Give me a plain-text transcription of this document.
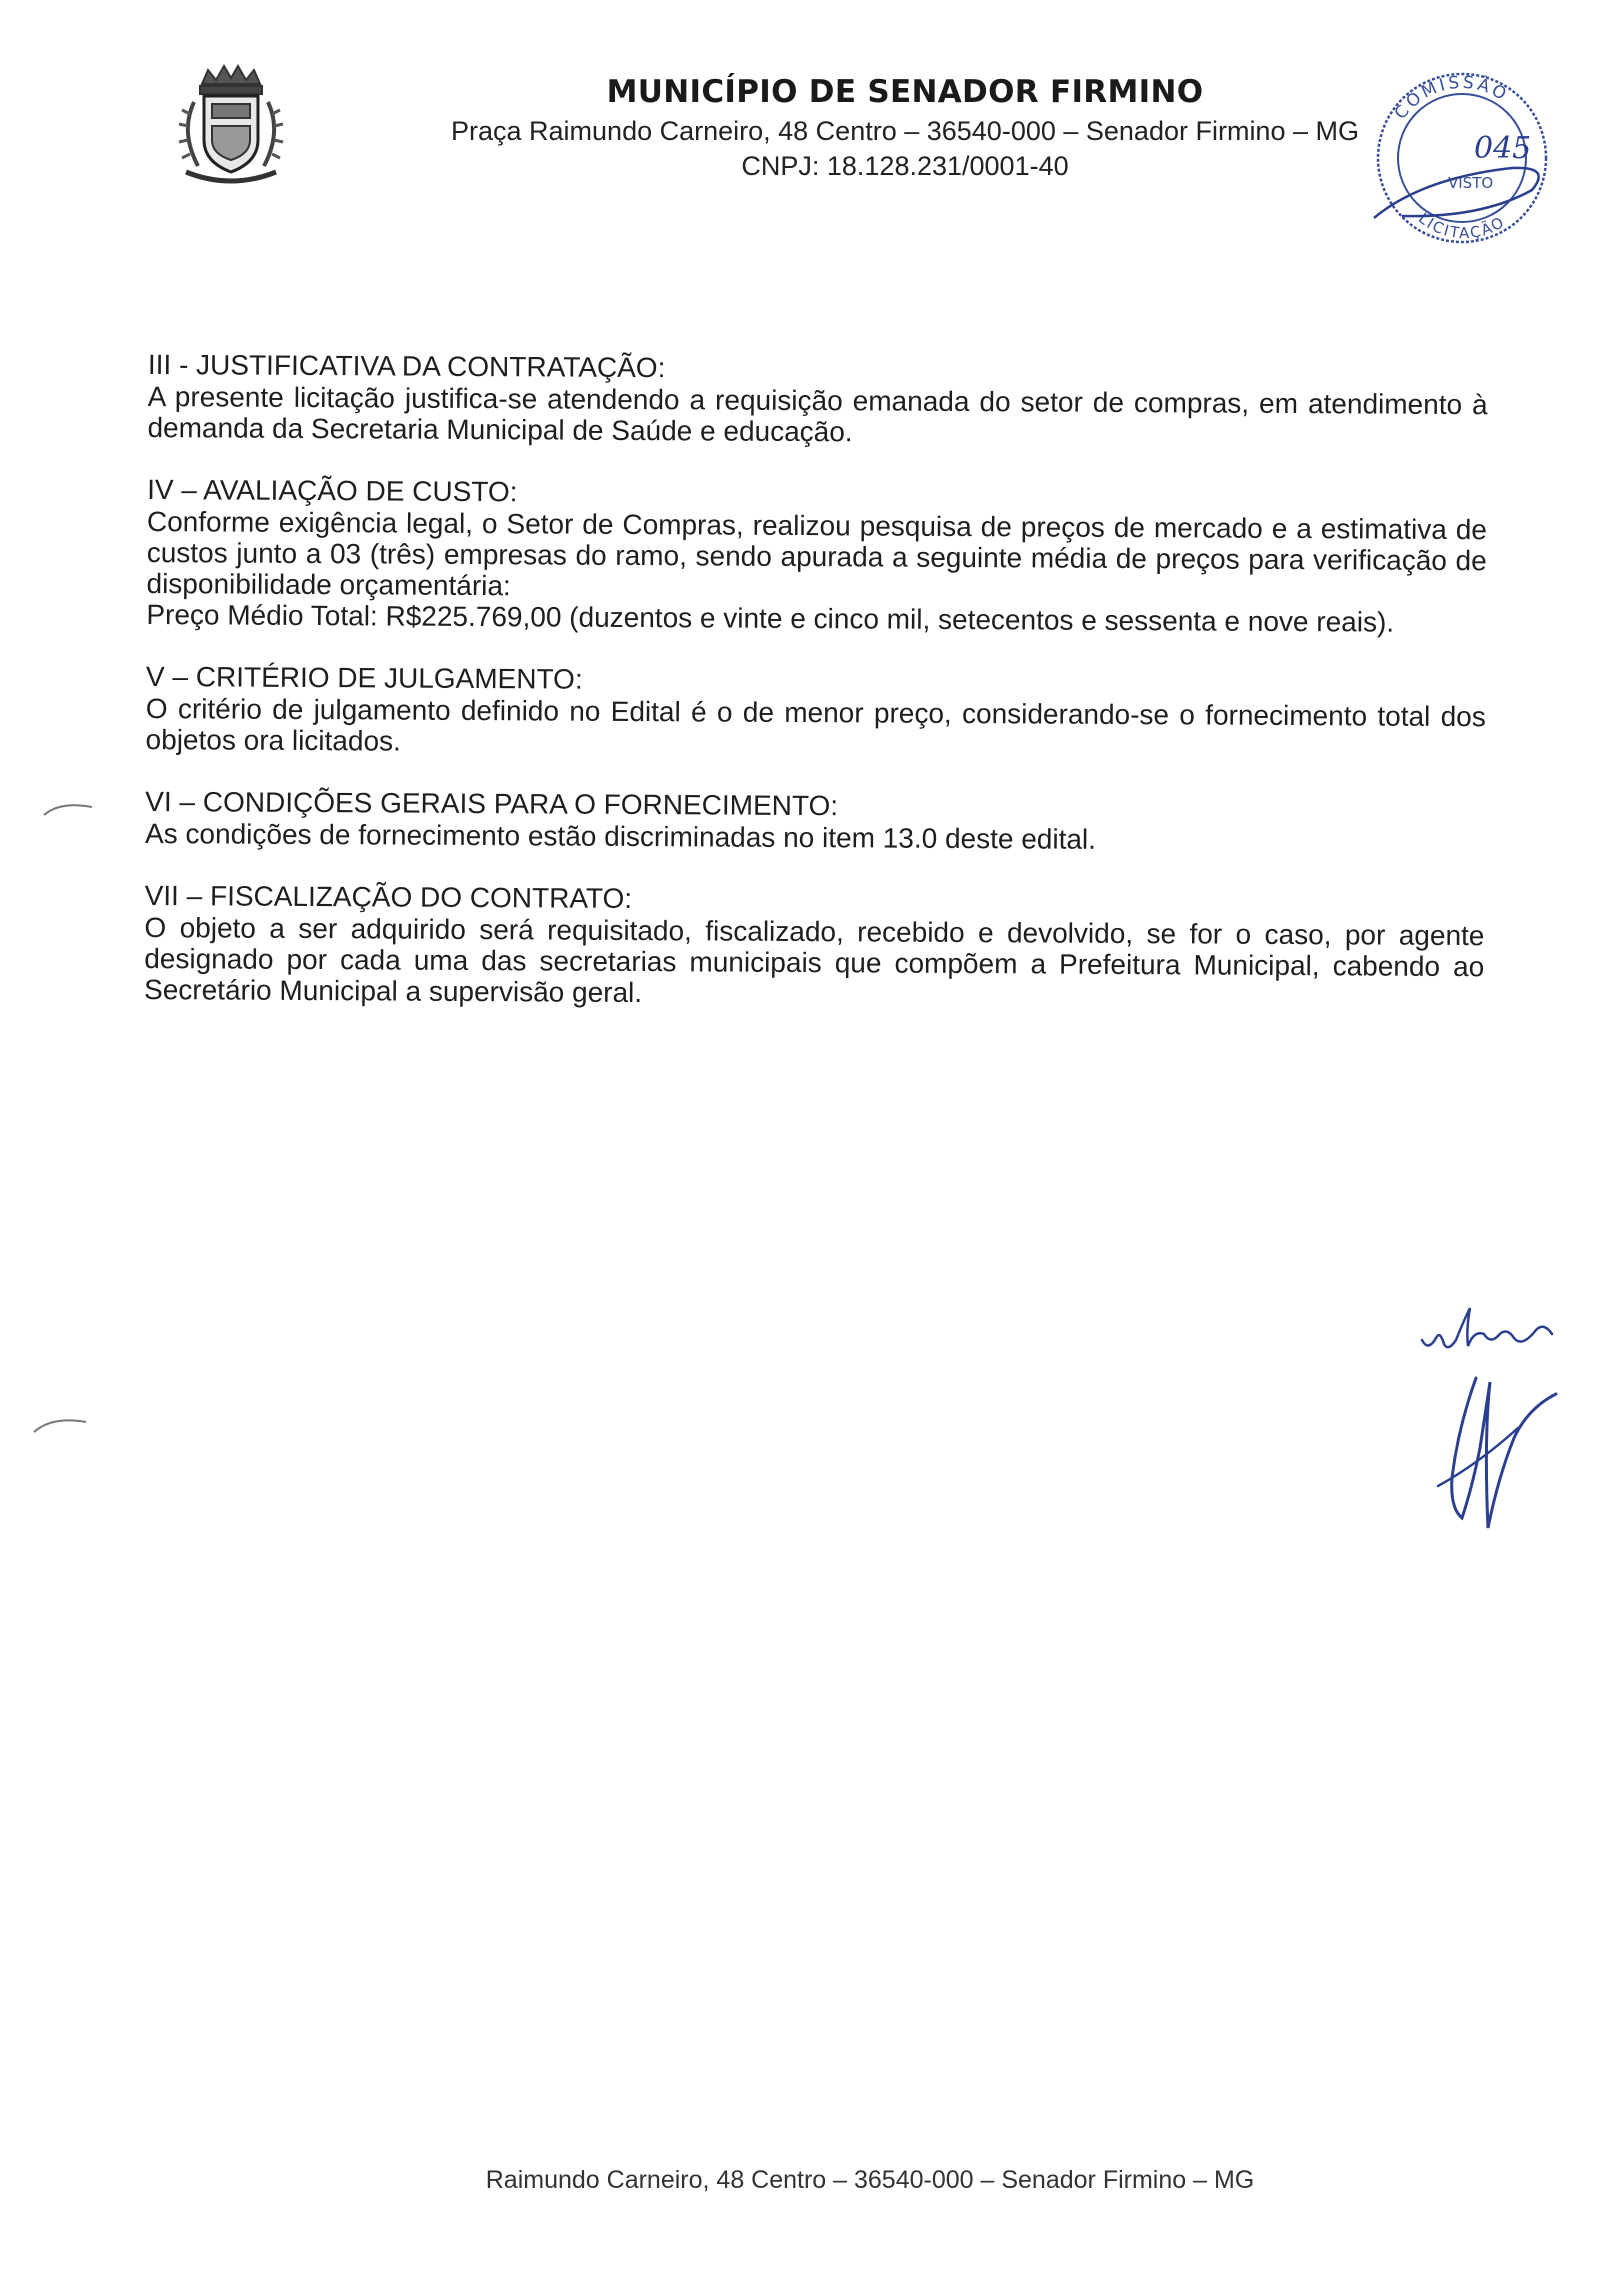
MUNICÍPIO DE SENADOR FIRMINO
Praça Raimundo Carneiro, 48 Centro – 36540-000 – Senador Firmino – MG
CNPJ: 18.128.231/0001-40
COMISSÃO
LICITAÇÃO
045
VISTO
III - JUSTIFICATIVA DA CONTRATAÇÃO:
A presente licitação justifica-se atendendo a requisição emanada do setor de compras, em atendimento à demanda da Secretaria Municipal de Saúde e educação.
IV – AVALIAÇÃO DE CUSTO:
Conforme exigência legal, o Setor de Compras, realizou pesquisa de preços de mercado e a estimativa de custos junto a 03 (três) empresas do ramo, sendo apurada a seguinte média de preços para verificação de disponibilidade orçamentária:
Preço Médio Total: R$225.769,00 (duzentos e vinte e cinco mil, setecentos e sessenta e nove reais).
V – CRITÉRIO DE JULGAMENTO:
O critério de julgamento definido no Edital é o de menor preço, considerando-se o fornecimento total dos objetos ora licitados.
VI – CONDIÇÕES GERAIS PARA O FORNECIMENTO:
As condições de fornecimento estão discriminadas no item 13.0 deste edital.
VII – FISCALIZAÇÃO DO CONTRATO:
O objeto a ser adquirido será requisitado, fiscalizado, recebido e devolvido, se for o caso, por agente designado por cada uma das secretarias municipais que compõem a Prefeitura Municipal, cabendo ao Secretário Municipal a supervisão geral.
Raimundo Carneiro, 48 Centro – 36540-000 – Senador Firmino – MG
